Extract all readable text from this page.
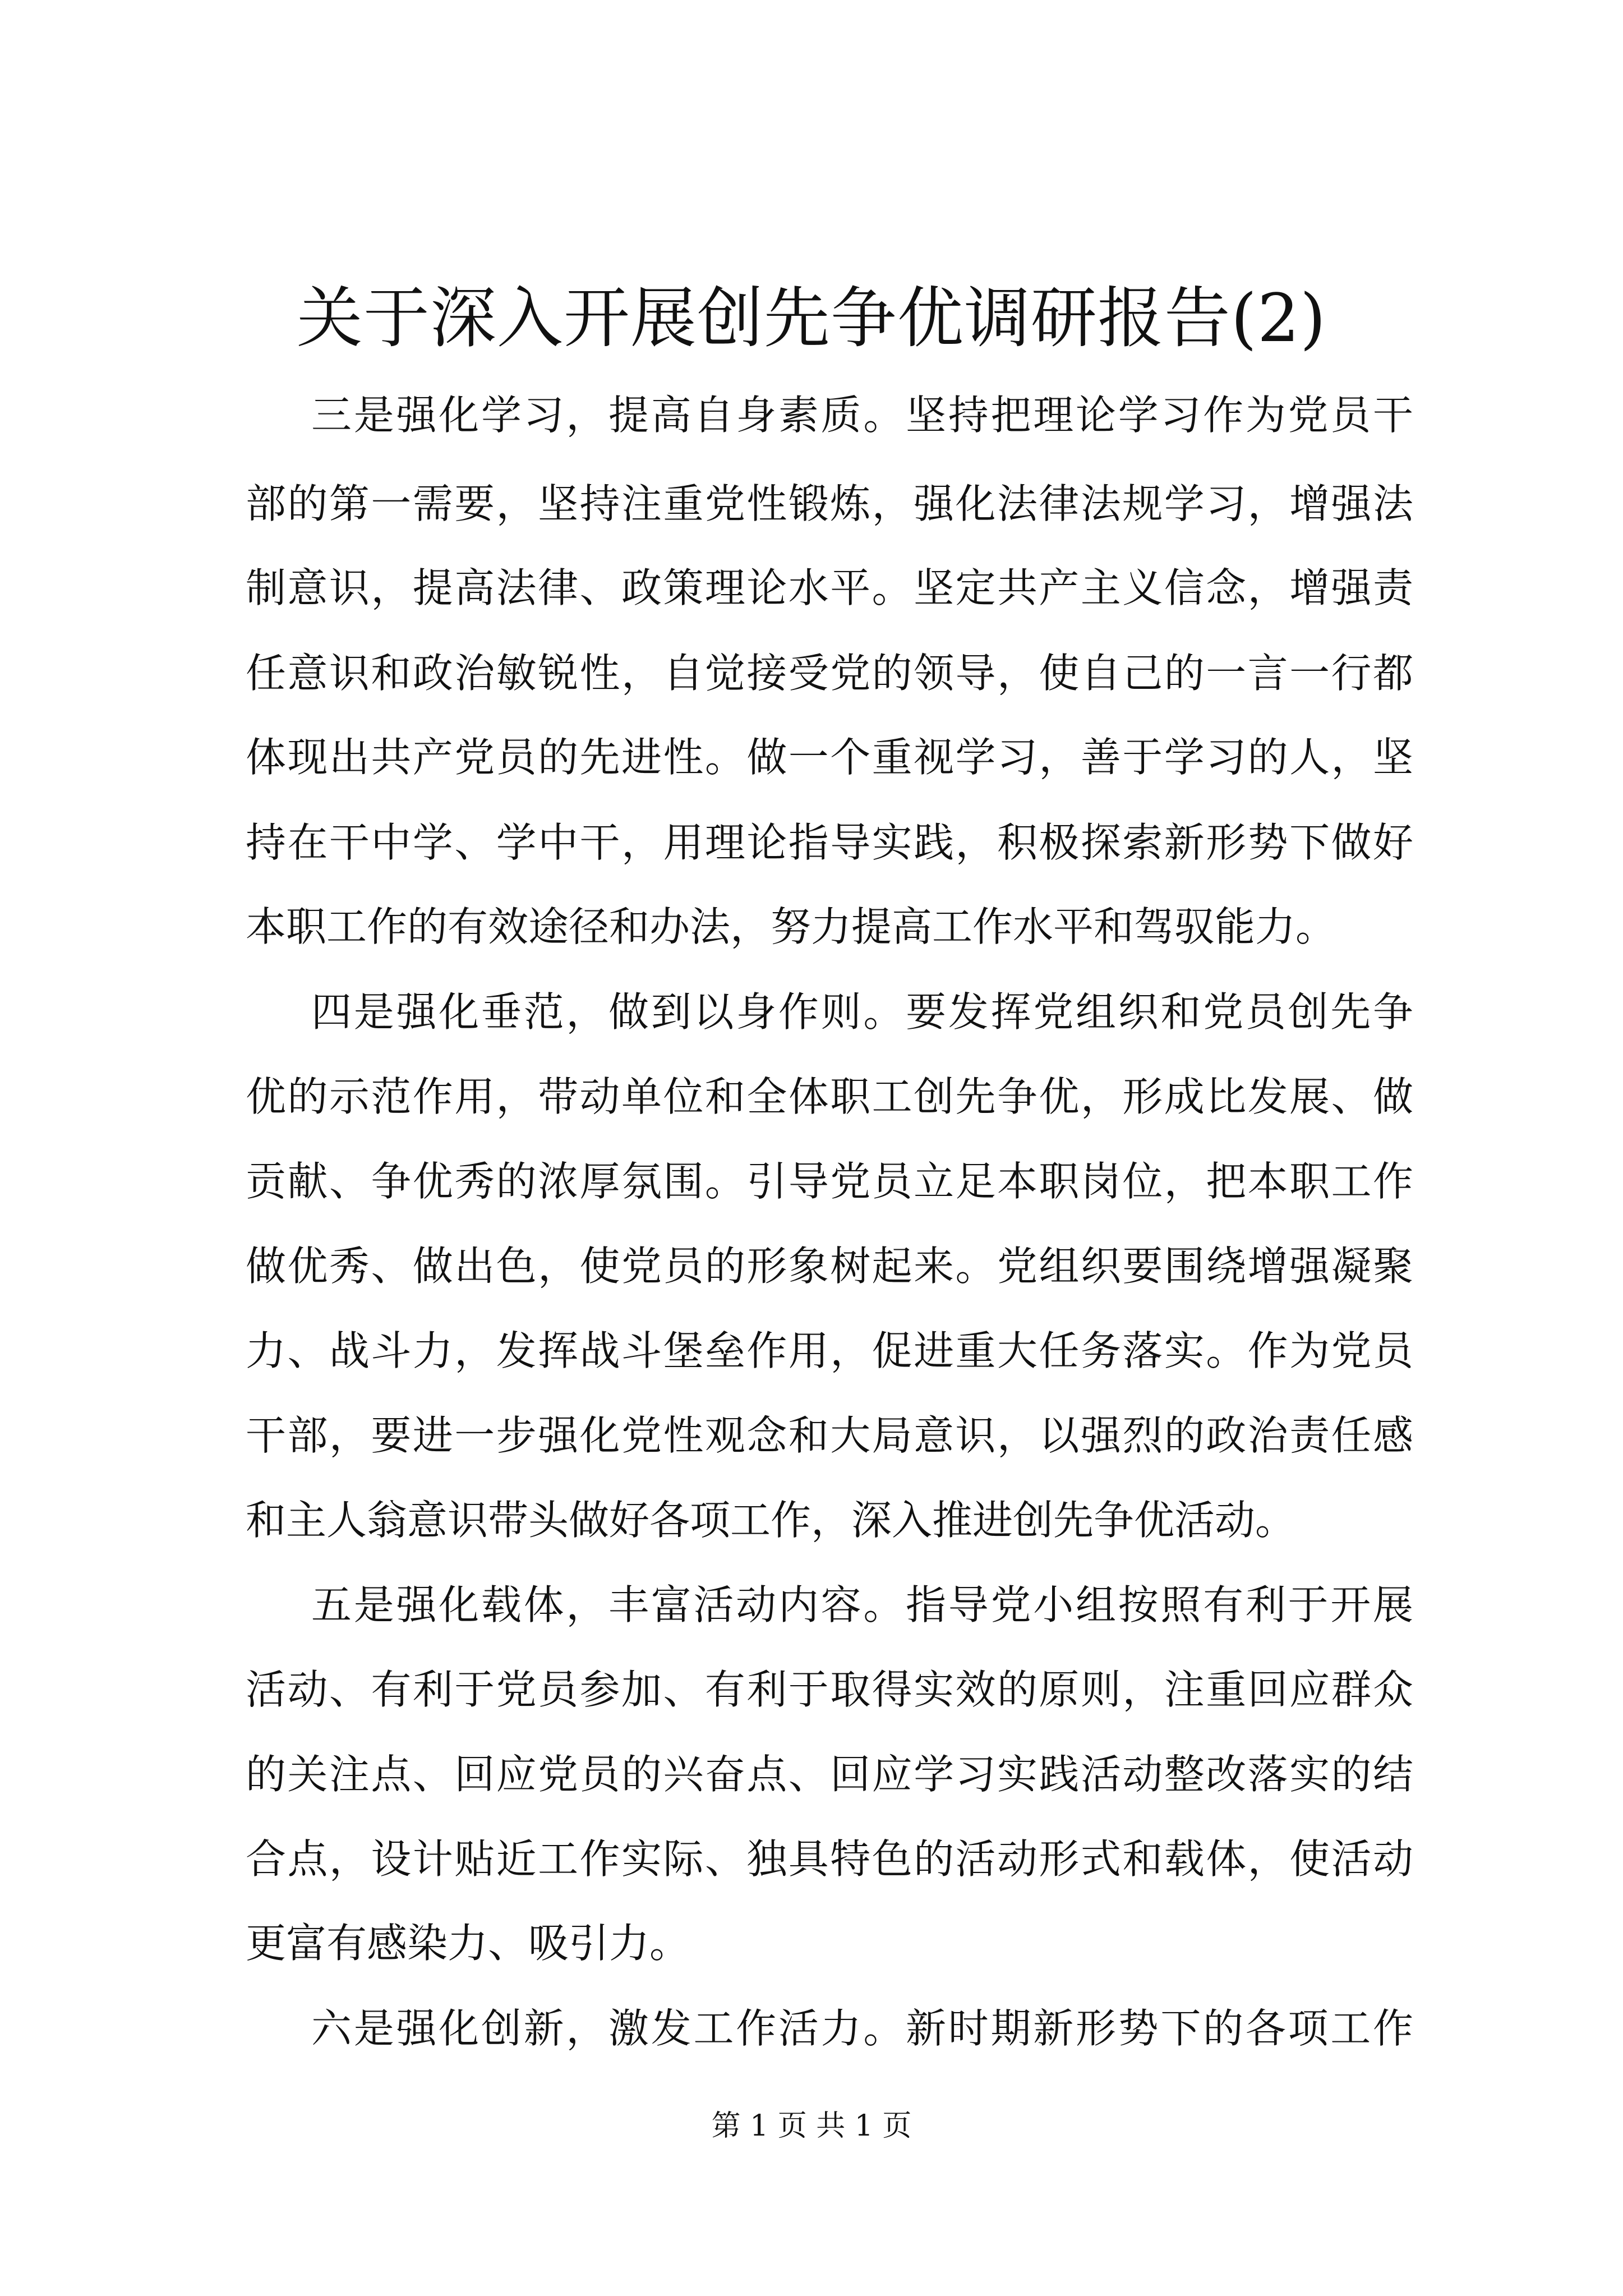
关于深入开展创先争优调研报告(2)

三是强化学习，提高自身素质。坚持把理论学习作为党员干

部的第一需要，坚持注重党性锻炼，强化法律法规学习，增强法

制意识，提高法律、政策理论水平。坚定共产主义信念，增强责

任意识和政治敏锐性，自觉接受党的领导，使自己的一言一行都

体现出共产党员的先进性。做一个重视学习，善于学习的人，坚

持在干中学、学中干，用理论指导实践，积极探索新形势下做好

本职工作的有效途径和办法，努力提高工作水平和驾驭能力。

四是强化垂范，做到以身作则。要发挥党组织和党员创先争

优的示范作用，带动单位和全体职工创先争优，形成比发展、做

贡献、争优秀的浓厚氛围。引导党员立足本职岗位，把本职工作

做优秀、做出色，使党员的形象树起来。党组织要围绕增强凝聚

力、战斗力，发挥战斗堡垒作用，促进重大任务落实。作为党员

干部，要进一步强化党性观念和大局意识，以强烈的政治责任感

和主人翁意识带头做好各项工作，深入推进创先争优活动。

五是强化载体，丰富活动内容。指导党小组按照有利于开展

活动、有利于党员参加、有利于取得实效的原则，注重回应群众

的关注点、回应党员的兴奋点、回应学习实践活动整改落实的结

合点，设计贴近工作实际、独具特色的活动形式和载体，使活动

更富有感染力、吸引力。

六是强化创新，激发工作活力。新时期新形势下的各项工作

第 1 页 共 1 页
